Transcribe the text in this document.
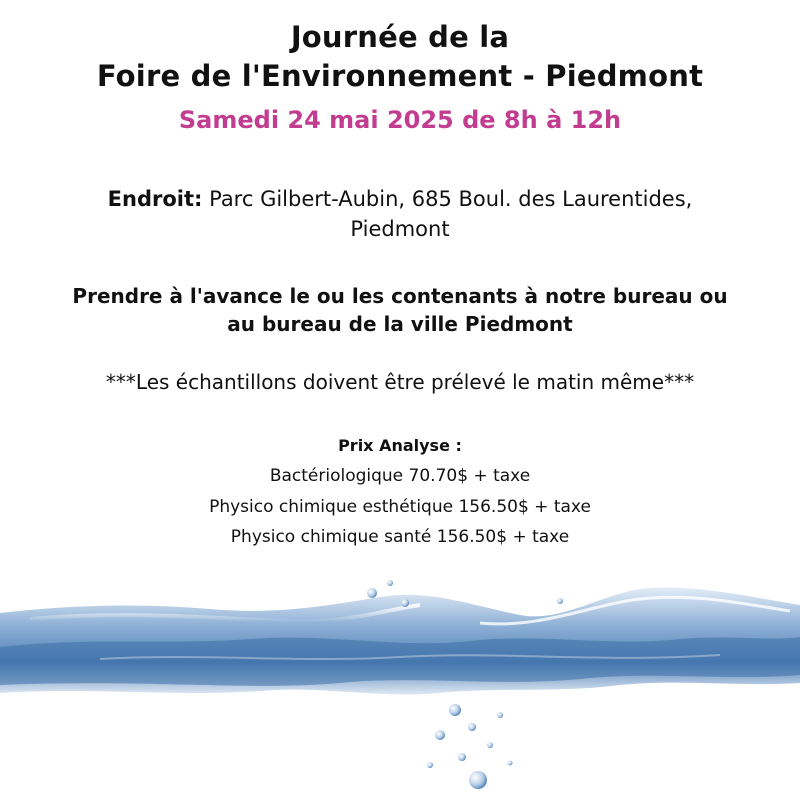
Journée de la
Foire de l'Environnement - Piedmont
Samedi 24 mai 2025 de 8h à 12h
Endroit: Parc Gilbert-Aubin, 685 Boul. des Laurentides,
Piedmont
Prendre à l'avance le ou les contenants à notre bureau ou
au bureau de la ville Piedmont
***Les échantillons doivent être prélevé le matin même***
Prix Analyse :
Bactériologique 70.70$ + taxe
Physico chimique esthétique 156.50$ + taxe
Physico chimique santé 156.50$ + taxe
